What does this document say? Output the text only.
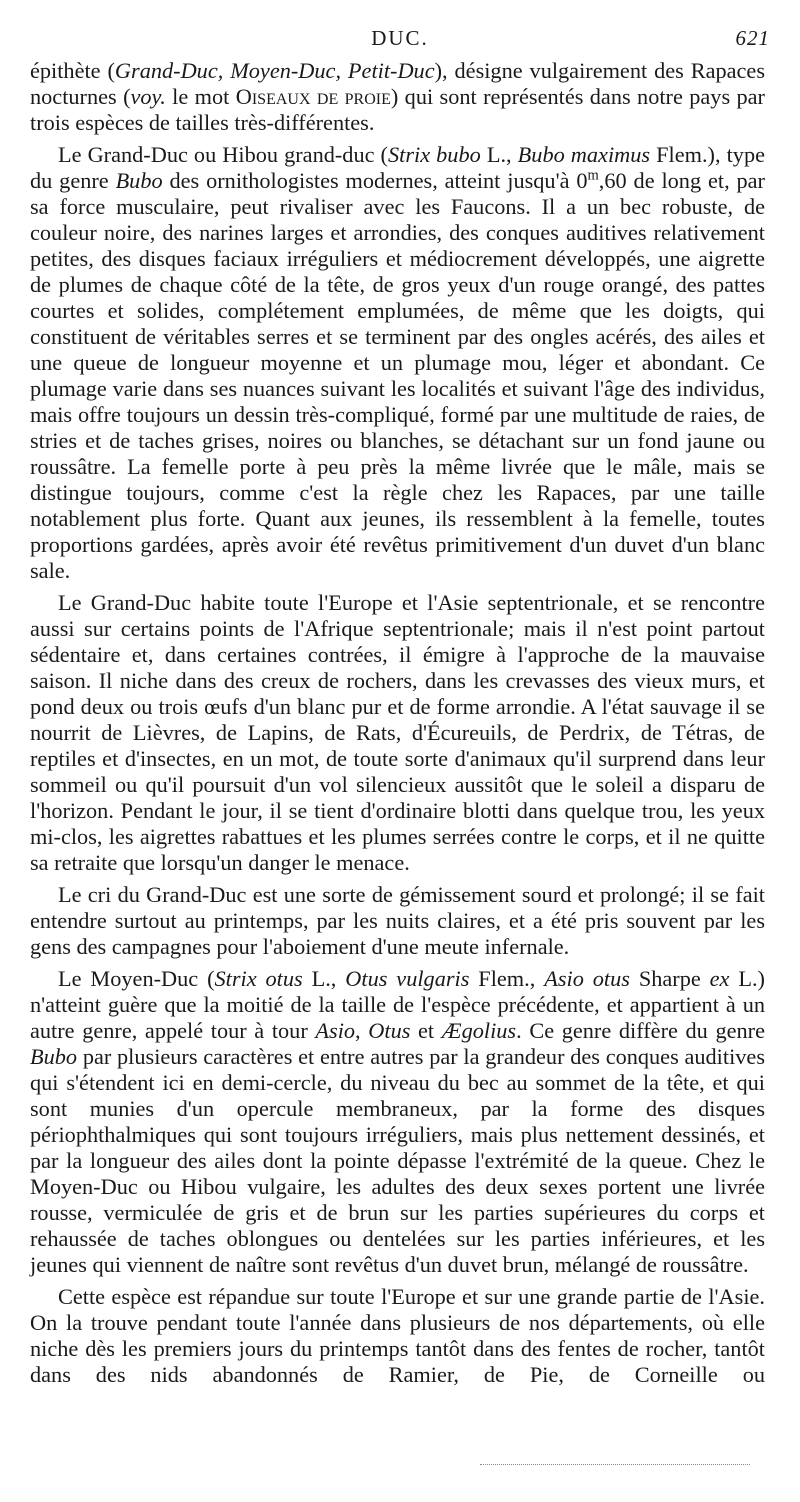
DUC.	621

épithète (Grand-Duc, Moyen-Duc, Petit-Duc), désigne vulgairement des Rapaces nocturnes (voy. le mot Oiseaux de proie) qui sont représentés dans notre pays par trois espèces de tailles très-différentes.

Le Grand-Duc ou Hibou grand-duc (Strix bubo L., Bubo maximus Flem.), type du genre Bubo des ornithologistes modernes, atteint jusqu'à 0$^m$,60 de long et, par sa force musculaire, peut rivaliser avec les Faucons. Il a un bec robuste, de couleur noire, des narines larges et arrondies, des conques auditives relativement petites, des disques faciaux irréguliers et médiocrement développés, une aigrette de plumes de chaque côté de la tête, de gros yeux d'un rouge orangé, des pattes courtes et solides, complétement emplumées, de même que les doigts, qui constituent de véritables serres et se terminent par des ongles acérés, des ailes et une queue de longueur moyenne et un plumage mou, léger et abondant. Ce plumage varie dans ses nuances suivant les localités et suivant l'âge des individus, mais offre toujours un dessin très-compliqué, formé par une multitude de raies, de stries et de taches grises, noires ou blanches, se détachant sur un fond jaune ou roussâtre. La femelle porte à peu près la même livrée que le mâle, mais se distingue toujours, comme c'est la règle chez les Rapaces, par une taille notablement plus forte. Quant aux jeunes, ils ressemblent à la femelle, toutes proportions gardées, après avoir été revêtus primitivement d'un duvet d'un blanc sale.

Le Grand-Duc habite toute l'Europe et l'Asie septentrionale, et se rencontre aussi sur certains points de l'Afrique septentrionale; mais il n'est point partout sédentaire et, dans certaines contrées, il émigre à l'approche de la mauvaise saison. Il niche dans des creux de rochers, dans les crevasses des vieux murs, et pond deux ou trois œufs d'un blanc pur et de forme arrondie. A l'état sauvage il se nourrit de Lièvres, de Lapins, de Rats, d'Écureuils, de Perdrix, de Tétras, de reptiles et d'insectes, en un mot, de toute sorte d'animaux qu'il surprend dans leur sommeil ou qu'il poursuit d'un vol silencieux aussitôt que le soleil a disparu de l'horizon. Pendant le jour, il se tient d'ordinaire blotti dans quelque trou, les yeux mi-clos, les aigrettes rabattues et les plumes serrées contre le corps, et il ne quitte sa retraite que lorsqu'un danger le menace.

Le cri du Grand-Duc est une sorte de gémissement sourd et prolongé; il se fait entendre surtout au printemps, par les nuits claires, et a été pris souvent par les gens des campagnes pour l'aboiement d'une meute infernale.

Le Moyen-Duc (Strix otus L., Otus vulgaris Flem., Asio otus Sharpe ex L.) n'atteint guère que la moitié de la taille de l'espèce précédente, et appartient à un autre genre, appelé tour à tour Asio, Otus et Ægolius. Ce genre diffère du genre Bubo par plusieurs caractères et entre autres par la grandeur des conques auditives qui s'étendent ici en demi-cercle, du niveau du bec au sommet de la tête, et qui sont munies d'un opercule membraneux, par la forme des disques périophthalmiques qui sont toujours irréguliers, mais plus nettement dessinés, et par la longueur des ailes dont la pointe dépasse l'extrémité de la queue. Chez le Moyen-Duc ou Hibou vulgaire, les adultes des deux sexes portent une livrée rousse, vermiculée de gris et de brun sur les parties supérieures du corps et rehaussée de taches oblongues ou dentelées sur les parties inférieures, et les jeunes qui viennent de naître sont revêtus d'un duvet brun, mélangé de roussâtre.

Cette espèce est répandue sur toute l'Europe et sur une grande partie de l'Asie. On la trouve pendant toute l'année dans plusieurs de nos départements, où elle niche dès les premiers jours du printemps tantôt dans des fentes de rocher, tantôt dans des nids abandonnés de Ramier, de Pie, de Corneille ou
